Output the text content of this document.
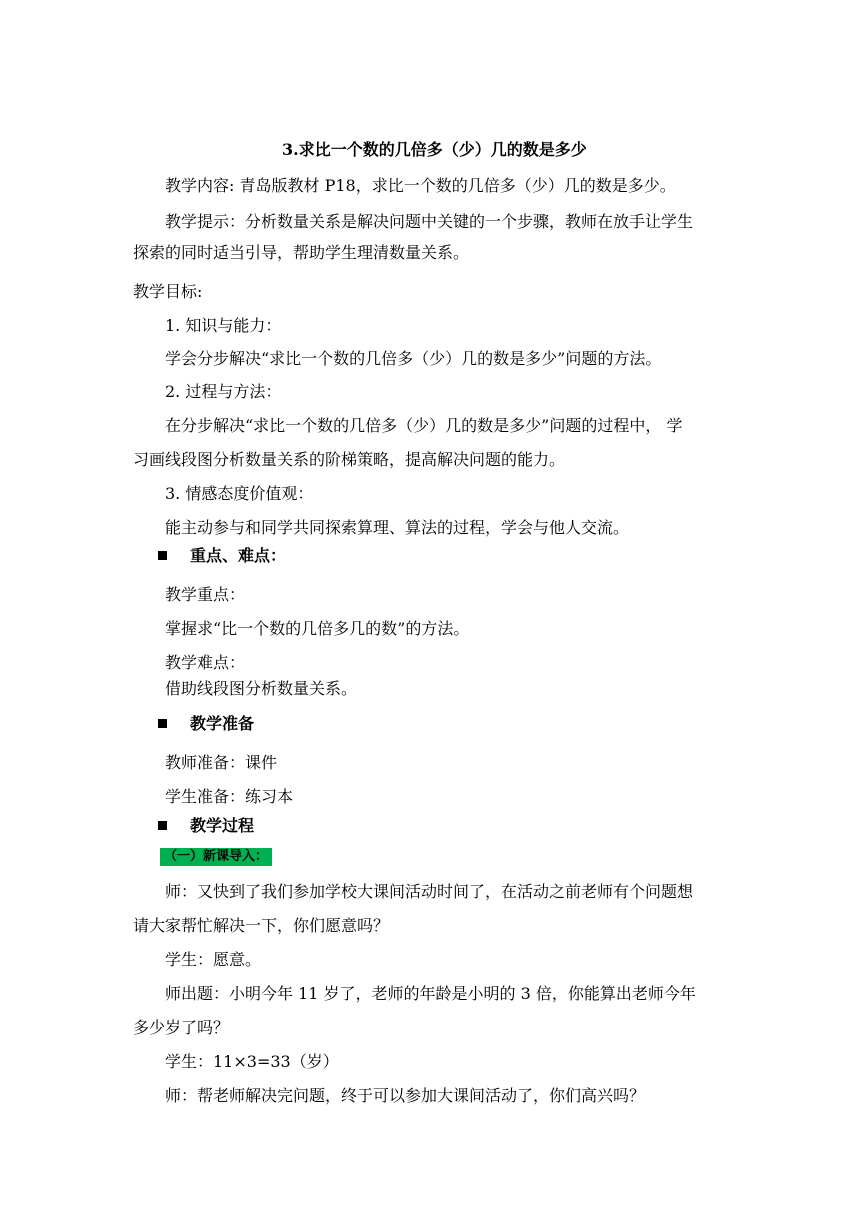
3.求比一个数的几倍多（少）几的数是多少
教学内容: 青岛版教材 P18，求比一个数的几倍多（少）几的数是多少。
教学提示：分析数量关系是解决问题中关键的一个步骤，教师在放手让学生
探索的同时适当引导，帮助学生理清数量关系。
教学目标:
1. 知识与能力：
学会分步解决“求比一个数的几倍多（少）几的数是多少”问题的方法。
2. 过程与方法：
在分步解决“求比一个数的几倍多（少）几的数是多少”问题的过程中， 学
习画线段图分析数量关系的阶梯策略，提高解决问题的能力。
3. 情感态度价值观：
能主动参与和同学共同探索算理、算法的过程，学会与他人交流。
重点、难点：
教学重点：
掌握求“比一个数的几倍多几的数”的方法。
教学难点：
借助线段图分析数量关系。
教学准备
教师准备：课件
学生准备：练习本
教学过程
（一）新课导入：
师：又快到了我们参加学校大课间活动时间了，在活动之前老师有个问题想
请大家帮忙解决一下，你们愿意吗？
学生：愿意。
师出题：小明今年 11 岁了，老师的年龄是小明的 3 倍，你能算出老师今年
多少岁了吗？
学生：11×3=33（岁）
师：帮老师解决完问题，终于可以参加大课间活动了，你们高兴吗？
